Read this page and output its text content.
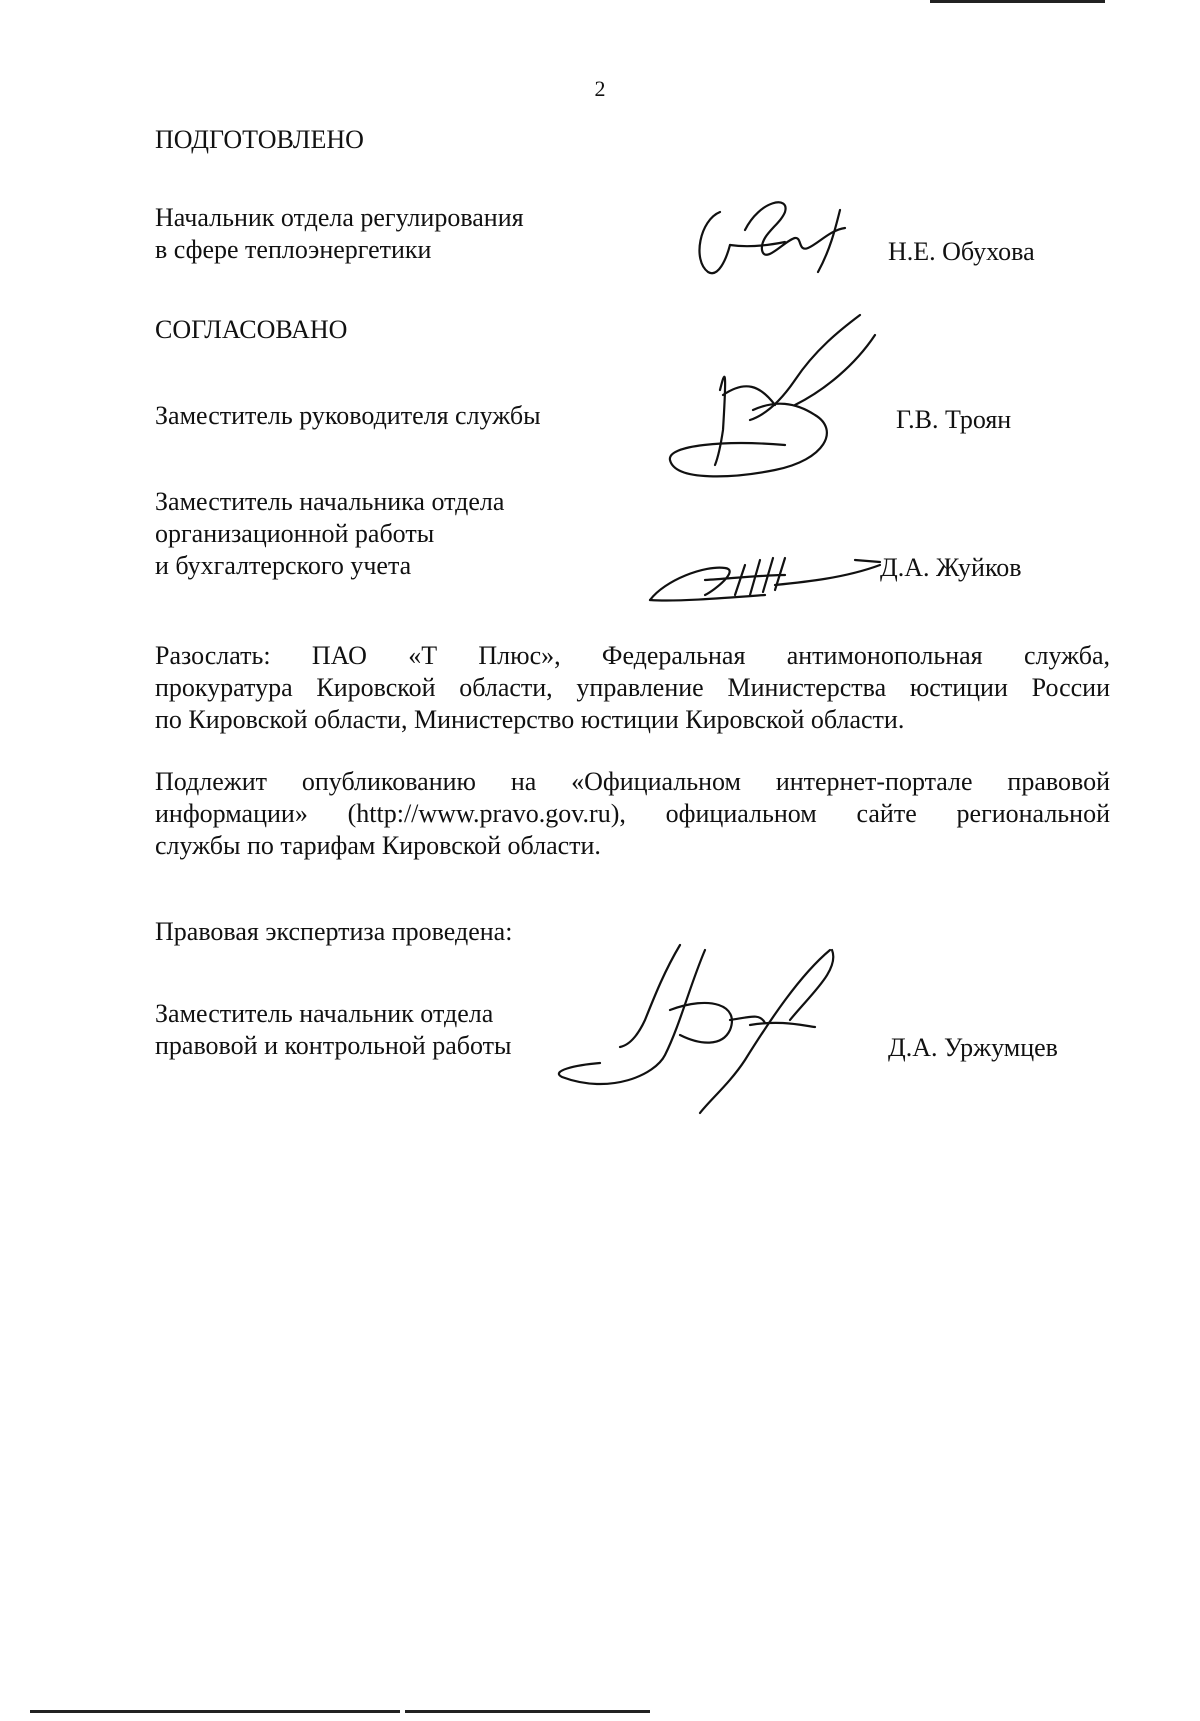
2
ПОДГОТОВЛЕНО
Начальник отдела регулирования
в сфере теплоэнергетики	Н.Е. Обухова
СОГЛАСОВАНО
Заместитель руководителя службы	Г.В. Троян
Заместитель начальника отдела
организационной работы
и бухгалтерского учета	Д.А. Жуйков
Разослать: ПАО «Т Плюс», Федеральная антимонопольная служба,
прокуратура Кировской области, управление Министерства юстиции России
по Кировской области, Министерство юстиции Кировской области.
Подлежит опубликованию на «Официальном интернет-портале правовой
информации» (http://www.pravo.gov.ru), официальном сайте региональной
службы по тарифам Кировской области.
Правовая экспертиза проведена:
Заместитель начальник отдела
правовой и контрольной работы	Д.А. Уржумцев
